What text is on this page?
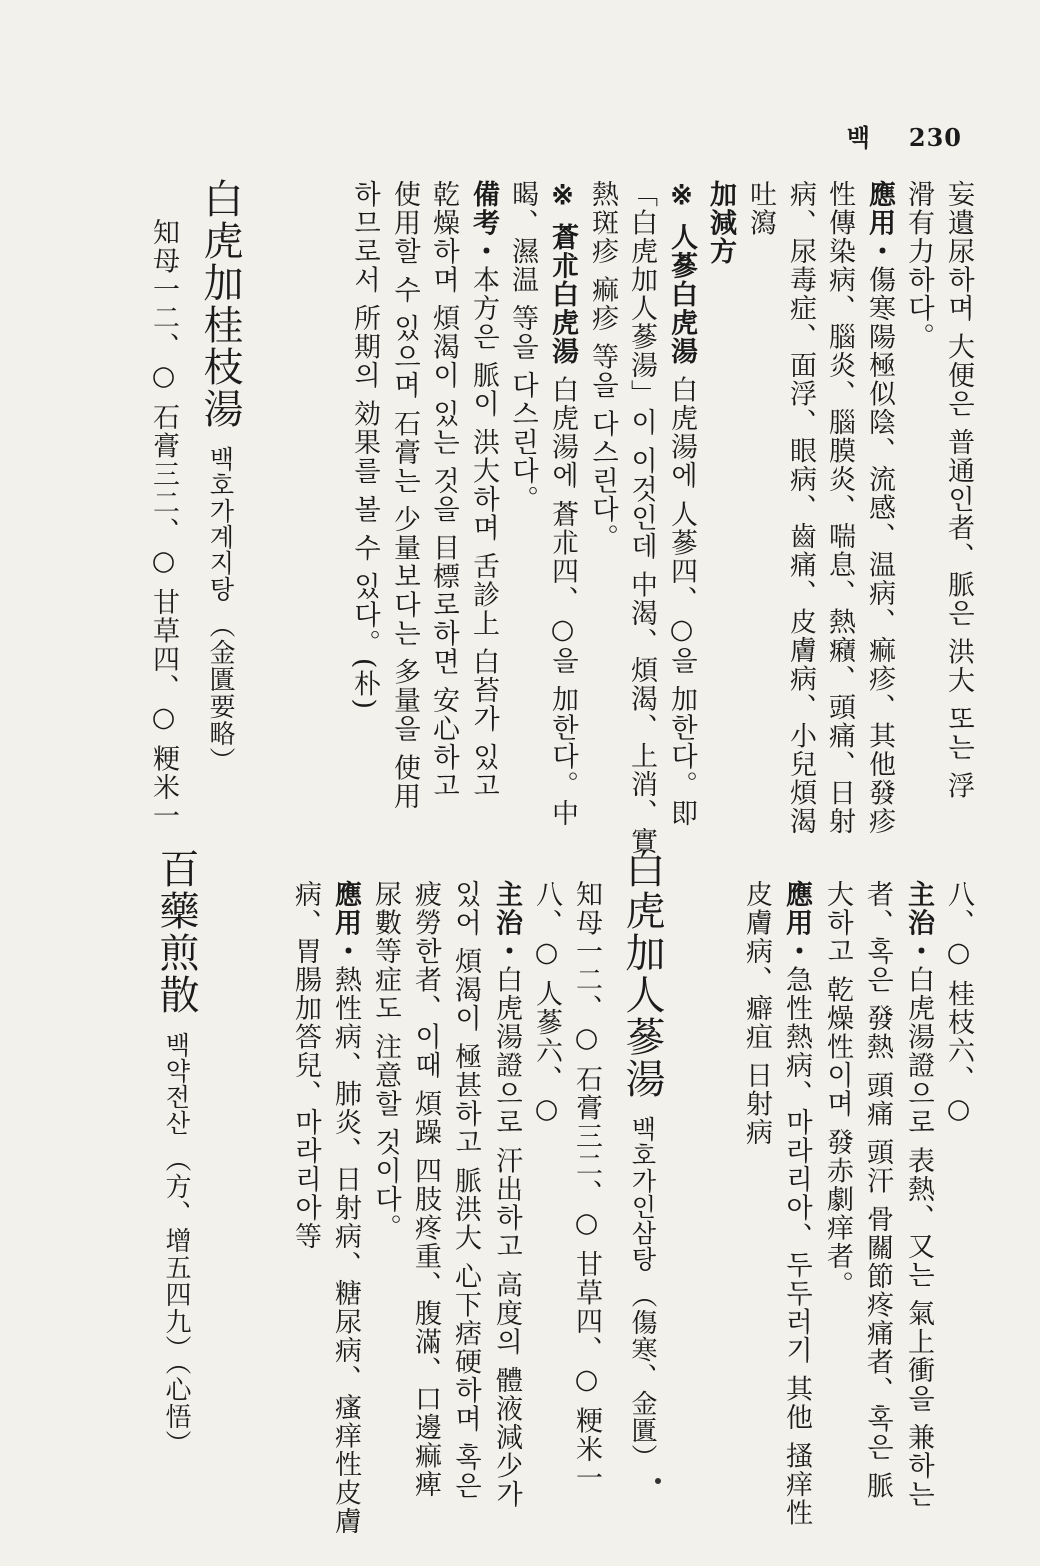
백 230
妄遺尿하며 大便은 普通인者、脈은 洪大 또는 浮
滑有力하다。
應用・傷寒陽極似陰、流感、温病、痲疹、其他發疹
性傳染病、腦炎、腦膜炎、喘息、熱癪、頭痛、日射
病、尿毒症、面浮、眼病、齒痛、皮膚病、小兒煩渴
吐瀉
加減方
※ 人蔘白虎湯 白虎湯에 人蔘四、○을 加한다。即
「白虎加人蔘湯」이 이것인데 中渴、煩渴、上消、實
熱斑疹 痲疹 等을 다스린다。
※ 蒼朮白虎湯 白虎湯에 蒼朮四、○을 加한다。中
暍、濕温 等을 다스린다。
備考・本方은 脈이 洪大하며 舌診上 白苔가 있고
乾燥하며 煩渴이 있는 것을 目標로하면 安心하고
使用할 수 있으며 石膏는 少量보다는 多量을 使用
하므로서 所期의 効果를 볼 수 있다。(朴)
白虎加桂枝湯백호가계지탕（金匱要略）
知母一二、○ 石膏三二、○ 甘草四、○ 粳米一
八、○ 桂枝六、○
主治・白虎湯證으로 表熱、又는 氣上衝을 兼하는
者、혹은 發熱 頭痛 頭汗 骨關節疼痛者、혹은 脈
大하고 乾燥性이며 發赤劇痒者。
應用・急性熱病、마라리아、두두러기 其他 搔痒性
皮膚病、癖疽 日射病
白虎加人蔘湯백호가인삼탕（傷寒、金匱）
知母一二、○ 石膏三二、○ 甘草四、○ 粳米一
八、○ 人蔘六、○
主治・白虎湯證으로 汗出하고 高度의 體液減少가
있어 煩渴이 極甚하고 脈洪大 心下痞硬하며 혹은
疲勞한者、이때 煩躁 四肢疼重、腹滿、口邊痲痺
尿數等症도 注意할 것이다。
應用・熱性病、肺炎、日射病、糖尿病、瘙痒性皮膚
病、胃腸加答兒、마라리아等
百藥煎散백약전산（方、增五四九）（心悟）
